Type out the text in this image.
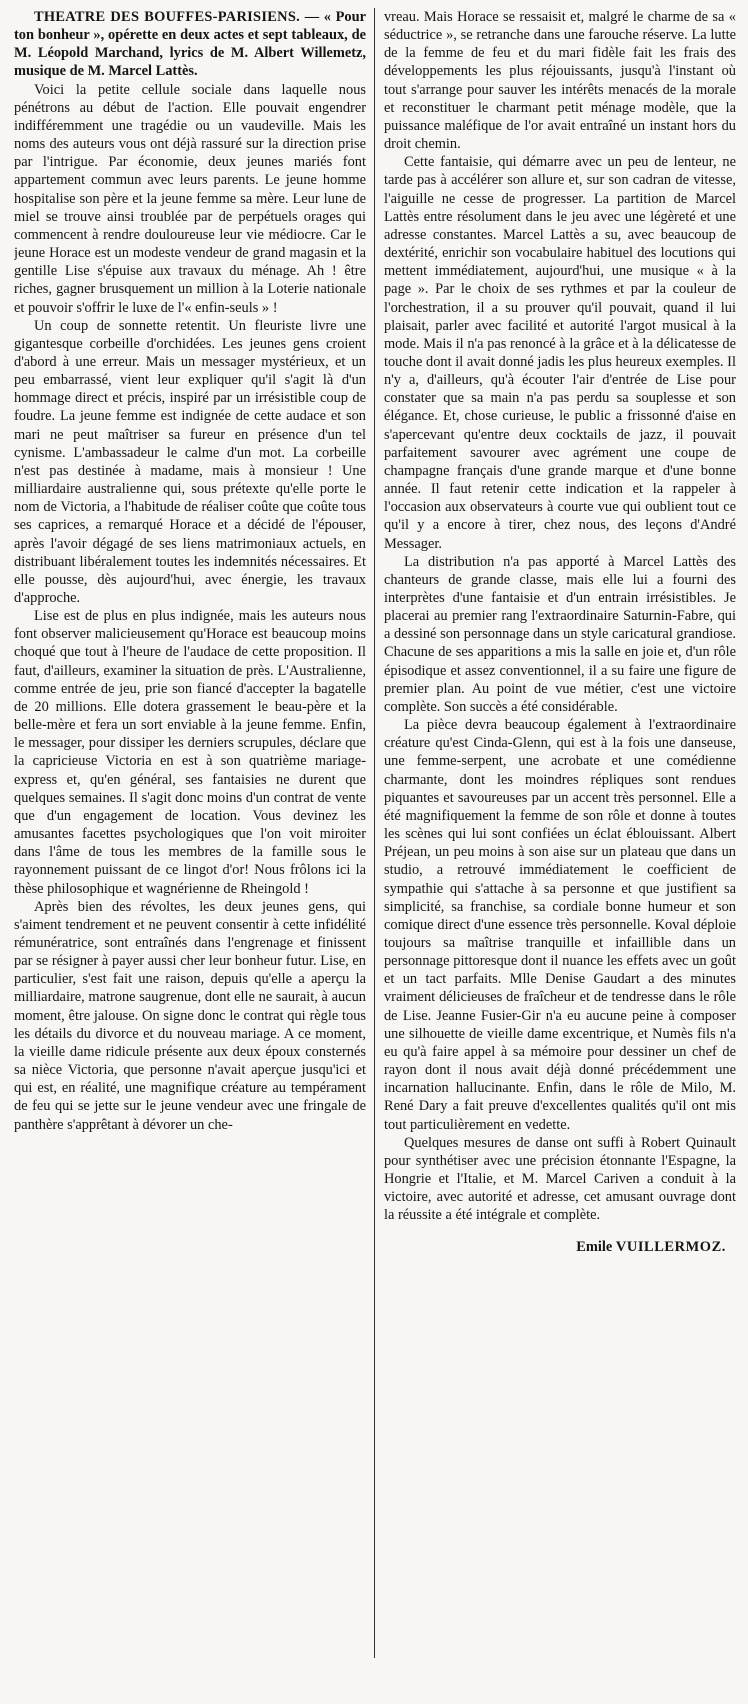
THEATRE DES BOUFFES-PARISIENS. — « Pour ton bonheur », opérette en deux actes et sept tableaux, de M. Léopold Marchand, lyrics de M. Albert Willemetz, musique de M. Marcel Lattès.

Voici la petite cellule sociale dans laquelle nous pénétrons au début de l'action. Elle pouvait engendrer indifféremment une tragédie ou un vaudeville. Mais les noms des auteurs vous ont déjà rassuré sur la direction prise par l'intrigue. Par économie, deux jeunes mariés font appartement commun avec leurs parents. Le jeune homme hospitalise son père et la jeune femme sa mère. Leur lune de miel se trouve ainsi troublée par de perpétuels orages qui commencent à rendre douloureuse leur vie médiocre. Car le jeune Horace est un modeste vendeur de grand magasin et la gentille Lise s'épuise aux travaux du ménage. Ah ! être riches, gagner brusquement un million à la Loterie nationale et pouvoir s'offrir le luxe de l'« enfin-seuls » !

Un coup de sonnette retentit. Un fleuriste livre une gigantesque corbeille d'orchidées. Les jeunes gens croient d'abord à une erreur. Mais un messager mystérieux, et un peu embarrassé, vient leur expliquer qu'il s'agit là d'un hommage direct et précis, inspiré par un irrésistible coup de foudre. La jeune femme est indignée de cette audace et son mari ne peut maîtriser sa fureur en présence d'un tel cynisme. L'ambassadeur le calme d'un mot. La corbeille n'est pas destinée à madame, mais à monsieur ! Une milliardaire australienne qui, sous prétexte qu'elle porte le nom de Victoria, a l'habitude de réaliser coûte que coûte tous ses caprices, a remarqué Horace et a décidé de l'épouser, après l'avoir dégagé de ses liens matrimoniaux actuels, en distribuant libéralement toutes les indemnités nécessaires. Et elle pousse, dès aujourd'hui, avec énergie, les travaux d'approche.

Lise est de plus en plus indignée, mais les auteurs nous font observer malicieusement qu'Horace est beaucoup moins choqué que tout à l'heure de l'audace de cette proposition. Il faut, d'ailleurs, examiner la situation de près. L'Australienne, comme entrée de jeu, prie son fiancé d'accepter la bagatelle de 20 millions. Elle dotera grassement le beau-père et la belle-mère et fera un sort enviable à la jeune femme. Enfin, le messager, pour dissiper les derniers scrupules, déclare que la capricieuse Victoria en est à son quatrième mariage-express et, qu'en général, ses fantaisies ne durent que quelques semaines. Il s'agit donc moins d'un contrat de vente que d'un engagement de location. Vous devinez les amusantes facettes psychologiques que l'on voit miroiter dans l'âme de tous les membres de la famille sous le rayonnement puissant de ce lingot d'or! Nous frôlons ici la thèse philosophique et wagnérienne de Rheingold !

Après bien des révoltes, les deux jeunes gens, qui s'aiment tendrement et ne peuvent consentir à cette infidélité rémunératrice, sont entraînés dans l'engrenage et finissent par se résigner à payer aussi cher leur bonheur futur. Lise, en particulier, s'est fait une raison, depuis qu'elle a aperçu la milliardaire, matrone saugrenue, dont elle ne saurait, à aucun moment, être jalouse. On signe donc le contrat qui règle tous les détails du divorce et du nouveau mariage. A ce moment, la vieille dame ridicule présente aux deux époux consternés sa nièce Victoria, que personne n'avait aperçue jusqu'ici et qui est, en réalité, une magnifique créature au tempérament de feu qui se jette sur le jeune vendeur avec une fringale de panthère s'apprêtant à dévorer un che-

vreau. Mais Horace se ressaisit et, malgré le charme de sa « séductrice », se retranche dans une farouche réserve. La lutte de la femme de feu et du mari fidèle fait les frais des développements les plus réjouissants, jusqu'à l'instant où tout s'arrange pour sauver les intérêts menacés de la morale et reconstituer le charmant petit ménage modèle, que la puissance maléfique de l'or avait entraîné un instant hors du droit chemin.

Cette fantaisie, qui démarre avec un peu de lenteur, ne tarde pas à accélérer son allure et, sur son cadran de vitesse, l'aiguille ne cesse de progresser. La partition de Marcel Lattès entre résolument dans le jeu avec une légèreté et une adresse constantes. Marcel Lattès a su, avec beaucoup de dextérité, enrichir son vocabulaire habituel des locutions qui mettent immédiatement, aujourd'hui, une musique « à la page ». Par le choix de ses rythmes et par la couleur de l'orchestration, il a su prouver qu'il pouvait, quand il lui plaisait, parler avec facilité et autorité l'argot musical à la mode. Mais il n'a pas renoncé à la grâce et à la délicatesse de touche dont il avait donné jadis les plus heureux exemples. Il n'y a, d'ailleurs, qu'à écouter l'air d'entrée de Lise pour constater que sa main n'a pas perdu sa souplesse et son élégance. Et, chose curieuse, le public a frissonné d'aise en s'apercevant qu'entre deux cocktails de jazz, il pouvait parfaitement savourer avec agrément une coupe de champagne français d'une grande marque et d'une bonne année. Il faut retenir cette indication et la rappeler à l'occasion aux observateurs à courte vue qui oublient tout ce qu'il y a encore à tirer, chez nous, des leçons d'André Messager.

La distribution n'a pas apporté à Marcel Lattès des chanteurs de grande classe, mais elle lui a fourni des interprètes d'une fantaisie et d'un entrain irrésistibles. Je placerai au premier rang l'extraordinaire Saturnin-Fabre, qui a dessiné son personnage dans un style caricatural grandiose. Chacune de ses apparitions a mis la salle en joie et, d'un rôle épisodique et assez conventionnel, il a su faire une figure de premier plan. Au point de vue métier, c'est une victoire complète. Son succès a été considérable.

La pièce devra beaucoup également à l'extraordinaire créature qu'est Cinda-Glenn, qui est à la fois une danseuse, une femme-serpent, une acrobate et une comédienne charmante, dont les moindres répliques sont rendues piquantes et savoureuses par un accent très personnel. Elle a été magnifiquement la femme de son rôle et donne à toutes les scènes qui lui sont confiées un éclat éblouissant. Albert Préjean, un peu moins à son aise sur un plateau que dans un studio, a retrouvé immédiatement le coefficient de sympathie qui s'attache à sa personne et que justifient sa simplicité, sa franchise, sa cordiale bonne humeur et son comique direct d'une essence très personnelle. Koval déploie toujours sa maîtrise tranquille et infaillible dans un personnage pittoresque dont il nuance les effets avec un goût et un tact parfaits. Mlle Denise Gaudart a des minutes vraiment délicieuses de fraîcheur et de tendresse dans le rôle de Lise. Jeanne Fusier-Gir n'a eu aucune peine à composer une silhouette de vieille dame excentrique, et Numès fils n'a eu qu'à faire appel à sa mémoire pour dessiner un chef de rayon dont il nous avait déjà donné précédemment une incarnation hallucinante. Enfin, dans le rôle de Milo, M. René Dary a fait preuve d'excellentes qualités qu'il ont mis tout particulièrement en vedette.

Quelques mesures de danse ont suffi à Robert Quinault pour synthétiser avec une précision étonnante l'Espagne, la Hongrie et l'Italie, et M. Marcel Cariven a conduit à la victoire, avec autorité et adresse, cet amusant ouvrage dont la réussite a été intégrale et complète.

Emile VUILLERMOZ.
